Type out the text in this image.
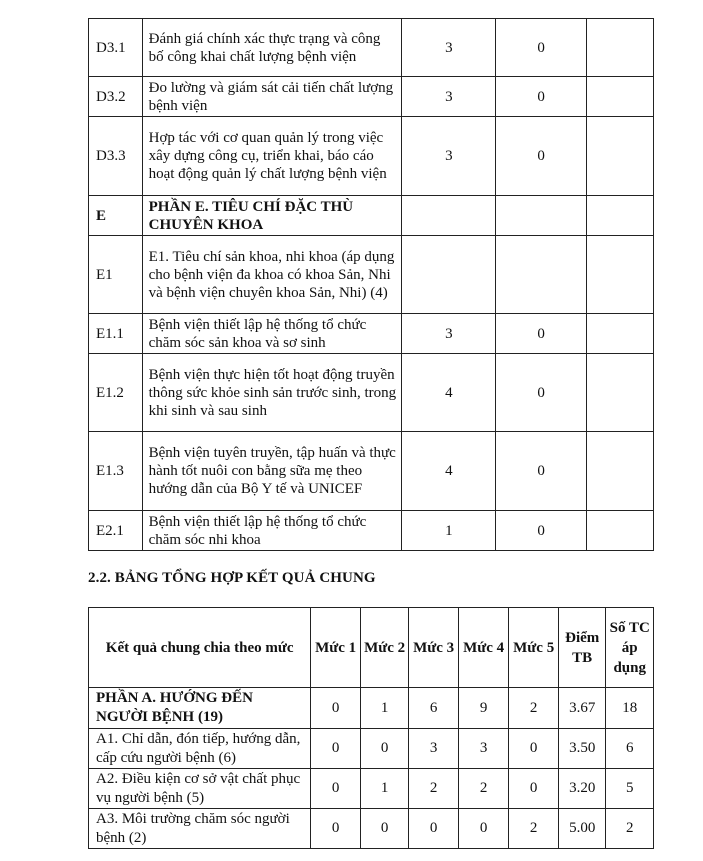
D3.1	Đánh giá chính xác thực trạng và công bố công khai chất lượng bệnh viện	3	0	
D3.2	Đo lường và giám sát cải tiến chất lượng bệnh viện	3	0	
D3.3	Hợp tác với cơ quan quản lý trong việc xây dựng công cụ, triển khai, báo cáo hoạt động quản lý chất lượng bệnh viện	3	0	
E	PHẦN E. TIÊU CHÍ ĐẶC THÙ CHUYÊN KHOA			
E1	E1. Tiêu chí sản khoa, nhi khoa (áp dụng cho bệnh viện đa khoa có khoa Sản, Nhi và bệnh viện chuyên khoa Sản, Nhi) (4)			
E1.1	Bệnh viện thiết lập hệ thống tổ chức chăm sóc sản khoa và sơ sinh	3	0	
E1.2	Bệnh viện thực hiện tốt hoạt động truyền thông sức khỏe sinh sản trước sinh, trong khi sinh và sau sinh	4	0	
E1.3	Bệnh viện tuyên truyền, tập huấn và thực hành tốt nuôi con bằng sữa mẹ theo hướng dẫn của Bộ Y tế và UNICEF	4	0	
E2.1	Bệnh viện thiết lập hệ thống tổ chức chăm sóc nhi khoa	1	0	
2.2. BẢNG TỔNG HỢP KẾT QUẢ CHUNG
Kết quả chung chia theo mức	Mức 1	Mức 2	Mức 3	Mức 4	Mức 5	Điểm TB	Số TC áp dụng
PHẦN A. HƯỚNG ĐẾN NGƯỜI BỆNH (19)	0	1	6	9	2	3.67	18
A1. Chỉ dẫn, đón tiếp, hướng dẫn, cấp cứu người bệnh (6)	0	0	3	3	0	3.50	6
A2. Điều kiện cơ sở vật chất phục vụ người bệnh (5)	0	1	2	2	0	3.20	5
A3. Môi trường chăm sóc người bệnh (2)	0	0	0	0	2	5.00	2
